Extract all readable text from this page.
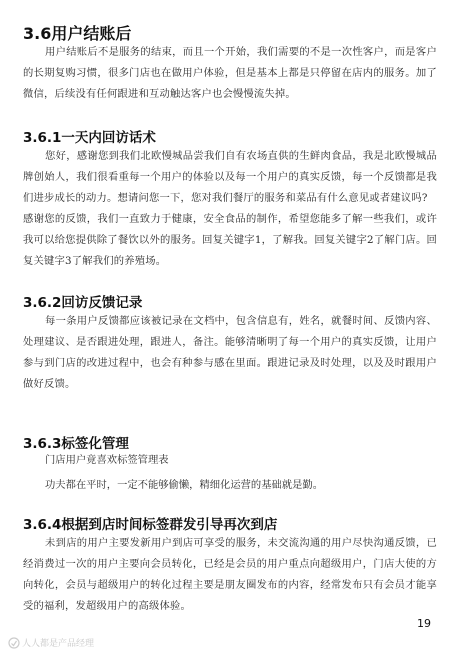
3.6用户结账后

用户结账后不是服务的结束，而且一个开始，我们需要的不是一次性客户，而是客户的长期复购习惯，很多门店也在做用户体验，但是基本上都是只停留在店内的服务。加了微信，后续没有任何跟进和互动触达客户也会慢慢流失掉。

3.6.1一天内回访话术

您好，感谢您到我们北欧慢城品尝我们自有农场直供的生鲜肉食品，我是北欧慢城品牌创始人，我们很看重每一个用户的体验以及每一个用户的真实反馈，每一个反馈都是我们进步成长的动力。想请问您一下，您对我们餐厅的服务和菜品有什么意见或者建议吗?

感谢您的反馈，我们一直致力于健康，安全食品的制作，希望您能多了解一些我们，或许我可以给您提供除了餐饮以外的服务。回复关键字1，了解我。回复关键字2了解门店。回复关键字3了解我们的养殖场。

3.6.2回访反馈记录

每一条用户反馈都应该被记录在文档中，包含信息有，姓名，就餐时间、反馈内容、处理建议、是否跟进处理，跟进人，备注。能够清晰明了每一个用户的真实反馈，让用户参与到门店的改进过程中，也会有种参与感在里面。跟进记录及时处理，以及及时跟用户做好反馈。

3.6.3标签化管理

门店用户竟喜欢标签管理表

功夫都在平时，一定不能够偷懒，精细化运营的基础就是勤。

3.6.4根据到店时间标签群发引导再次到店

未到店的用户主要发新用户到店可享受的服务，未交流沟通的用户尽快沟通反馈，已经消费过一次的用户主要向会员转化，已经是会员的用户重点向超级用户，门店大使的方向转化，会员与超级用户的转化过程主要是朋友圈发布的内容，经常发布只有会员才能享受的福利，发超级用户的高级体验。

19
人人都是产品经理
